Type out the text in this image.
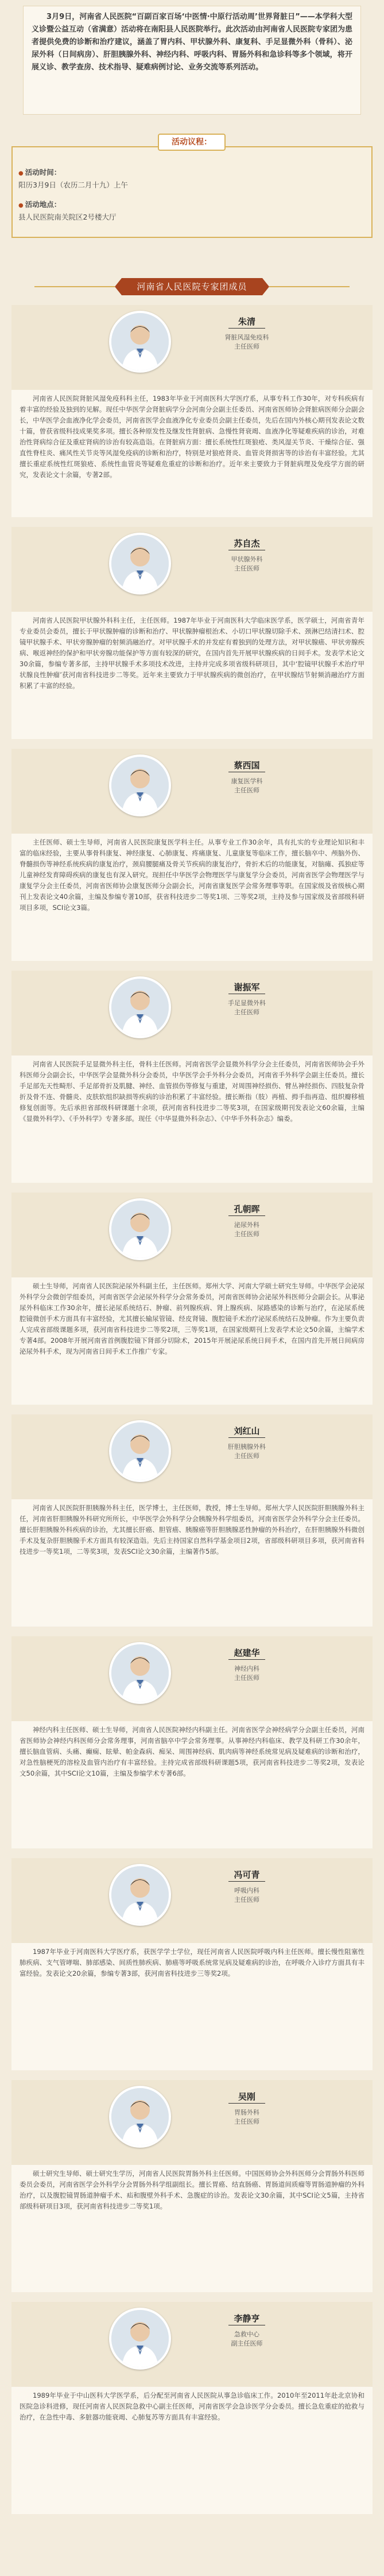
3月9日，河南省人民医院“百副百家百场‘中医情·中原行活动周’世界肾脏日”——本学科大型义诊暨公益互动（省满意）活动将在南阳县人民医院举行。此次活动由河南省人民医院专家团为患者提供免费的诊断和治疗建议，涵盖了胃内科、甲状腺外科、康复科、手足显微外科（骨科）、泌尿外科（日间病房）、肝胆胰腺外科、神经内科、呼吸内科、胃肠外科和急诊科等多个领域，将开展义诊、教学查房、技术指导、疑难病例讨论、业务交流等系列活动。

● 活动时间：
阳历3月9日（农历二月十九）上午
● 活动地点：
县人民医院南关院区2号楼大厅
活动议程：
河南省人民医院专家团成员
朱清
肾脏风湿免疫科
主任医师
河南省人民医院肾脏风湿免疫科科主任，1983年毕业于河南医科大学医疗系，从事专科工作30年，对专科疾病有着丰富的经验及独到的见解。现任中华医学会肾脏病学分会河南分会副主任委员、河南省医师协会肾脏病医师分会副会长，中华医学会血液净化学会委员，河南省医学会血液净化专业委员会副主任委员，先后在国内外核心期刊发表论文数十篇，曾获省级科技成果奖多项。擅长各种原发性及继发性肾脏病、急慢性肾衰竭、血液净化等疑难疾病的诊治，对难治性肾病综合征及重症肾病的诊治有较高造诣。在肾脏病方面：擅长系统性红斑狼疮、类风湿关节炎、干燥综合征、强直性脊柱炎、痛风性关节炎等风湿免疫病的诊断和治疗，特别是对狼疮肾炎、血管炎肾损害等的诊治有丰富经验。尤其擅长重症系统性红斑狼疮、系统性血管炎等疑难危重症的诊断和治疗。近年来主要致力于肾脏病理及免疫学方面的研究，发表论文十余篇，专著2部。
苏自杰
甲状腺外科
主任医师
河南省人民医院甲状腺外科科主任，主任医师。1987年毕业于河南医科大学临床医学系，医学硕士，河南省青年专业委员会委员，擅长于甲状腺肿瘤的诊断和治疗、甲状腺肿瘤根治术、小切口甲状腺切除手术、颈淋巴结清扫术、腔镜甲状腺手术、甲状旁腺肿瘤的射频消融治疗。对甲状腺手术的并发症有着独到的处理方法，对甲状腺癌、甲状旁腺疾病、喉返神经的保护和甲状旁腺功能保护等方面有较深的研究，在国内首先开展甲状腺疾病的日间手术。发表学术论文30余篇，参编专著多部，主持甲状腺手术多项技术改进，主持并完成多项省级科研项目，其中‘腔镜甲状腺手术治疗甲状腺良性肿瘤’获河南省科技进步二等奖。近年来主要致力于甲状腺疾病的微创治疗，在甲状腺结节射频消融治疗方面积累了丰富的经验。
蔡西国
康复医学科
主任医师
主任医师、硕士生导师，河南省人民医院康复医学科主任。从事专业工作30余年，具有扎实的专业理论知识和丰富的临床经验，主要从事骨科康复、神经康复、心肺康复、疼痛康复、儿童康复等临床工作，擅长脑卒中、颅脑外伤、脊髓损伤等神经系统疾病的康复治疗，颈肩腰腿痛及骨关节疾病的康复治疗，骨折术后的功能康复，对脑瘫、孤独症等儿童神经发育障碍疾病的康复也有深入研究。现担任中华医学会物理医学与康复学分会委员，河南省医学会物理医学与康复学分会主任委员，河南省医师协会康复医师分会副会长，河南省康复医学会常务理事等职。在国家级及省级核心期刊上发表论文40余篇，主编及参编专著10部，获省科技进步二等奖1项、三等奖2项，主持及参与国家级及省部级科研项目多项，SCI论文3篇。
谢振军
手足显微外科
主任医师
河南省人民医院手足显微外科主任，骨科主任医师。河南省医学会显微外科学分会主任委员，河南省医师协会手外科医师分会副会长，中华医学会显微外科分会委员，中华医学会手外科分会委员，河南省手外科学会副主任委员。擅长手足部先天性畸形、手足部骨折及肌腱、神经、血管损伤等修复与重建，对周围神经损伤、臂丛神经损伤、四肢复杂骨折及骨不连、骨髓炎、皮肤软组织缺损等疾病的诊治积累了丰富经验。擅长断指（肢）再植、拇手指再造、组织瓣移植修复创面等。先后承担省部级科研课题十余项，获河南省科技进步二等奖3项，在国家级期刊发表论文60余篇，主编《显微外科学》、《手外科学》专著多部。现任《中华显微外科杂志》、《中华手外科杂志》编委。
孔朝晖
泌尿外科
主任医师
硕士生导师，河南省人民医院泌尿外科副主任，主任医师。郑州大学、河南大学硕士研究生导师。中华医学会泌尿外科学分会微创学组委员，河南省医学会泌尿外科学分会常务委员，河南省医师协会泌尿外科医师分会副会长。从事泌尿外科临床工作30余年，擅长泌尿系统结石、肿瘤、前列腺疾病、肾上腺疾病、尿路感染的诊断与治疗，在泌尿系统腔镜微创手术方面具有丰富经验，尤其擅长输尿管镜、经皮肾镜、腹腔镜手术治疗泌尿系统结石及肿瘤。作为主要负责人完成省部级课题多项，获河南省科技进步二等奖2项，三等奖1项，在国家级期刊上发表学术论文50余篇，主编学术专著4部。2008年开展河南省首例腹腔镜下肾部分切除术，2015年开展泌尿系统日间手术，在国内首先开展日间病房泌尿外科手术，现为河南省日间手术工作推广专家。
刘红山
肝胆胰腺外科
主任医师
河南省人民医院肝胆胰腺外科主任，医学博士，主任医师，教授，博士生导师。郑州大学人民医院肝胆胰腺外科主任，河南省肝胆胰腺外科研究所所长，中华医学会外科学分会胰腺外科学组委员，河南省医学会外科学分会主任委员。擅长肝胆胰腺外科疾病的诊治，尤其擅长肝癌、胆管癌、胰腺癌等肝胆胰腺恶性肿瘤的外科治疗，在肝胆胰腺外科微创手术及复杂肝胆胰腺手术方面具有较深造诣。先后主持国家自然科学基金项目2项，省部级科研项目多项，获河南省科技进步一等奖1项，二等奖3项，发表SCI论文30余篇，主编著作5部。
赵建华
神经内科
主任医师
神经内科主任医师、硕士生导师，河南省人民医院神经内科副主任。河南省医学会神经病学分会副主任委员，河南省医师协会神经内科医师分会常务理事，河南省脑卒中学会常务理事。从事神经内科临床、教学及科研工作30余年，擅长脑血管病、头痛、癫痫、眩晕、帕金森病、痴呆、周围神经病、肌肉病等神经系统常见病及疑难病的诊断和治疗，对急性脑梗死的溶栓及血管内治疗有丰富经验。主持完成省部级科研课题5项，获河南省科技进步二等奖2项，发表论文50余篇，其中SCI论文10篇，主编及参编学术专著6部。
冯可青
呼吸内科
主任医师
1987年毕业于河南医科大学医疗系，获医学学士学位，现任河南省人民医院呼吸内科主任医师。擅长慢性阻塞性肺疾病、支气管哮喘、肺部感染、间质性肺疾病、肺癌等呼吸系统常见病及疑难病的诊治，在呼吸介入诊疗方面具有丰富经验。发表论文20余篇，参编专著3部，获河南省科技进步三等奖2项。
吴刚
胃肠外科
主任医师
硕士研究生导师、硕士研究生学历，河南省人民医院胃肠外科主任医师。中国医师协会外科医师分会胃肠外科医师委员会委员，河南省医学会外科学分会胃肠外科学组副组长。擅长胃癌、结直肠癌、胃肠道间质瘤等胃肠道肿瘤的外科治疗，以及腹腔镜胃肠道肿瘤手术、疝和腹壁外科手术、急腹症的诊治。发表论文30余篇，其中SCI论文5篇，主持省部级科研项目3项，获河南省科技进步二等奖1项。
李静亨
急救中心
副主任医师
1989年毕业于中山医科大学医学系，后分配至河南省人民医院从事急诊临床工作。2010年至2011年赴北京协和医院急诊科进修，现任河南省人民医院急救中心副主任医师，河南省医学会急诊医学分会委员。擅长急危重症的抢救与治疗，在急性中毒、多脏器功能衰竭、心肺复苏等方面具有丰富经验。
